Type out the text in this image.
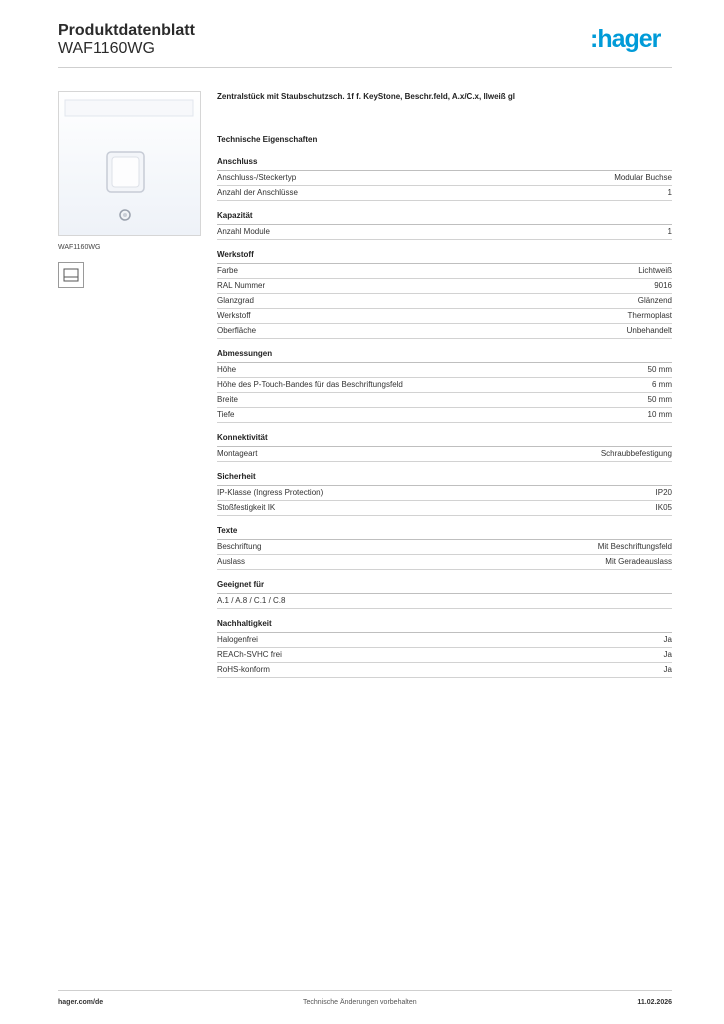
Produktdatenblatt
WAF1160WG	:hager
WAF1160WG
Zentralstück mit Staubschutzsch. 1f f. KeyStone, Beschr.feld, A.x/C.x, llweiß gl
Technische Eigenschaften
Anschluss
Anschluss-/Steckertyp	Modular Buchse
Anzahl der Anschlüsse	1
Kapazität
Anzahl Module	1
Werkstoff
Farbe	Lichtweiß
RAL Nummer	9016
Glanzgrad	Glänzend
Werkstoff	Thermoplast
Oberfläche	Unbehandelt
Abmessungen
Höhe	50 mm
Höhe des P-Touch-Bandes für das Beschriftungsfeld	6 mm
Breite	50 mm
Tiefe	10 mm
Konnektivität
Montageart	Schraubbefestigung
Sicherheit
IP-Klasse (Ingress Protection)	IP20
Stoßfestigkeit IK	IK05
Texte
Beschriftung	Mit Beschriftungsfeld
Auslass	Mit Geradeauslass
Geeignet für
A.1 / A.8 / C.1 / C.8
Nachhaltigkeit
Halogenfrei	Ja
REACh-SVHC frei	Ja
RoHS-konform	Ja
hager.com/de	Technische Änderungen vorbehalten	11.02.2026
